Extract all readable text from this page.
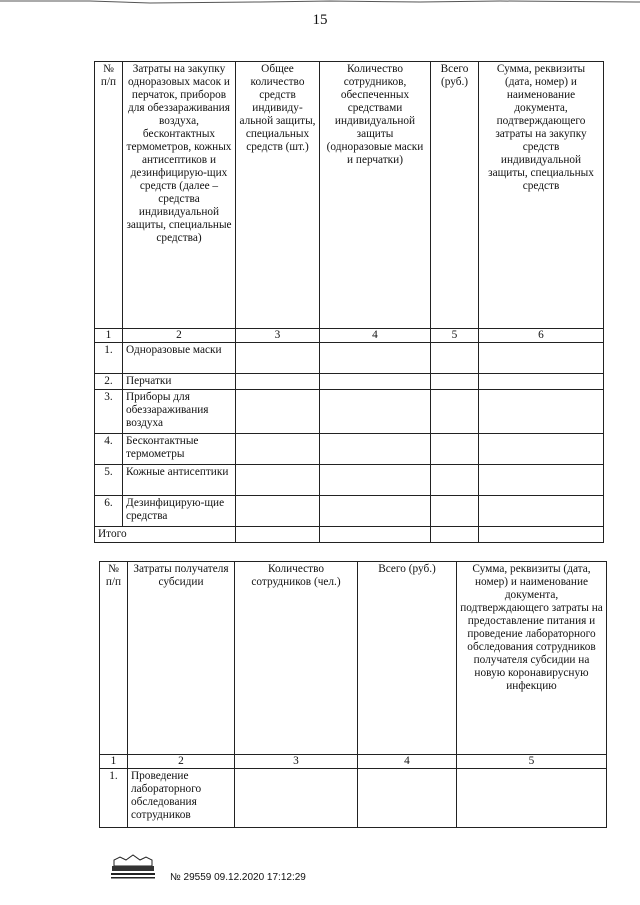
15
№ п/п	Затраты на закупку одноразовых масок и перчаток, приборов для обеззараживания воздуха, бесконтактных термометров, кожных антисептиков и дезинфицирую-щих средств (далее – средства индивидуальной защиты, специальные средства)	Общее количество средств индивиду-альной защиты, специальных средств (шт.)	Количество сотрудников, обеспеченных средствами индивидуальной защиты (одноразовые маски и перчатки)	Всего (руб.)	Сумма, реквизиты (дата, номер) и наименование документа, подтверждающего затраты на закупку средств индивидуальной защиты, специальных средств
1	2	3	4	5	6
1.	Одноразовые маски				
2.	Перчатки				
3.	Приборы для обеззараживания воздуха				
4.	Бесконтактные термометры				
5.	Кожные антисептики				
6.	Дезинфицирую-щие средства				
Итого					
№ п/п	Затраты получателя субсидии	Количество сотрудников (чел.)	Всего (руб.)	Сумма, реквизиты (дата, номер) и наименование документа, подтверждающего затраты на предоставление питания и проведение лабораторного обследования сотрудников получателя субсидии на новую коронавирусную инфекцию
1	2	3	4	5
1.	Проведение лабораторного обследования сотрудников			
№ 29559 09.12.2020 17:12:29
